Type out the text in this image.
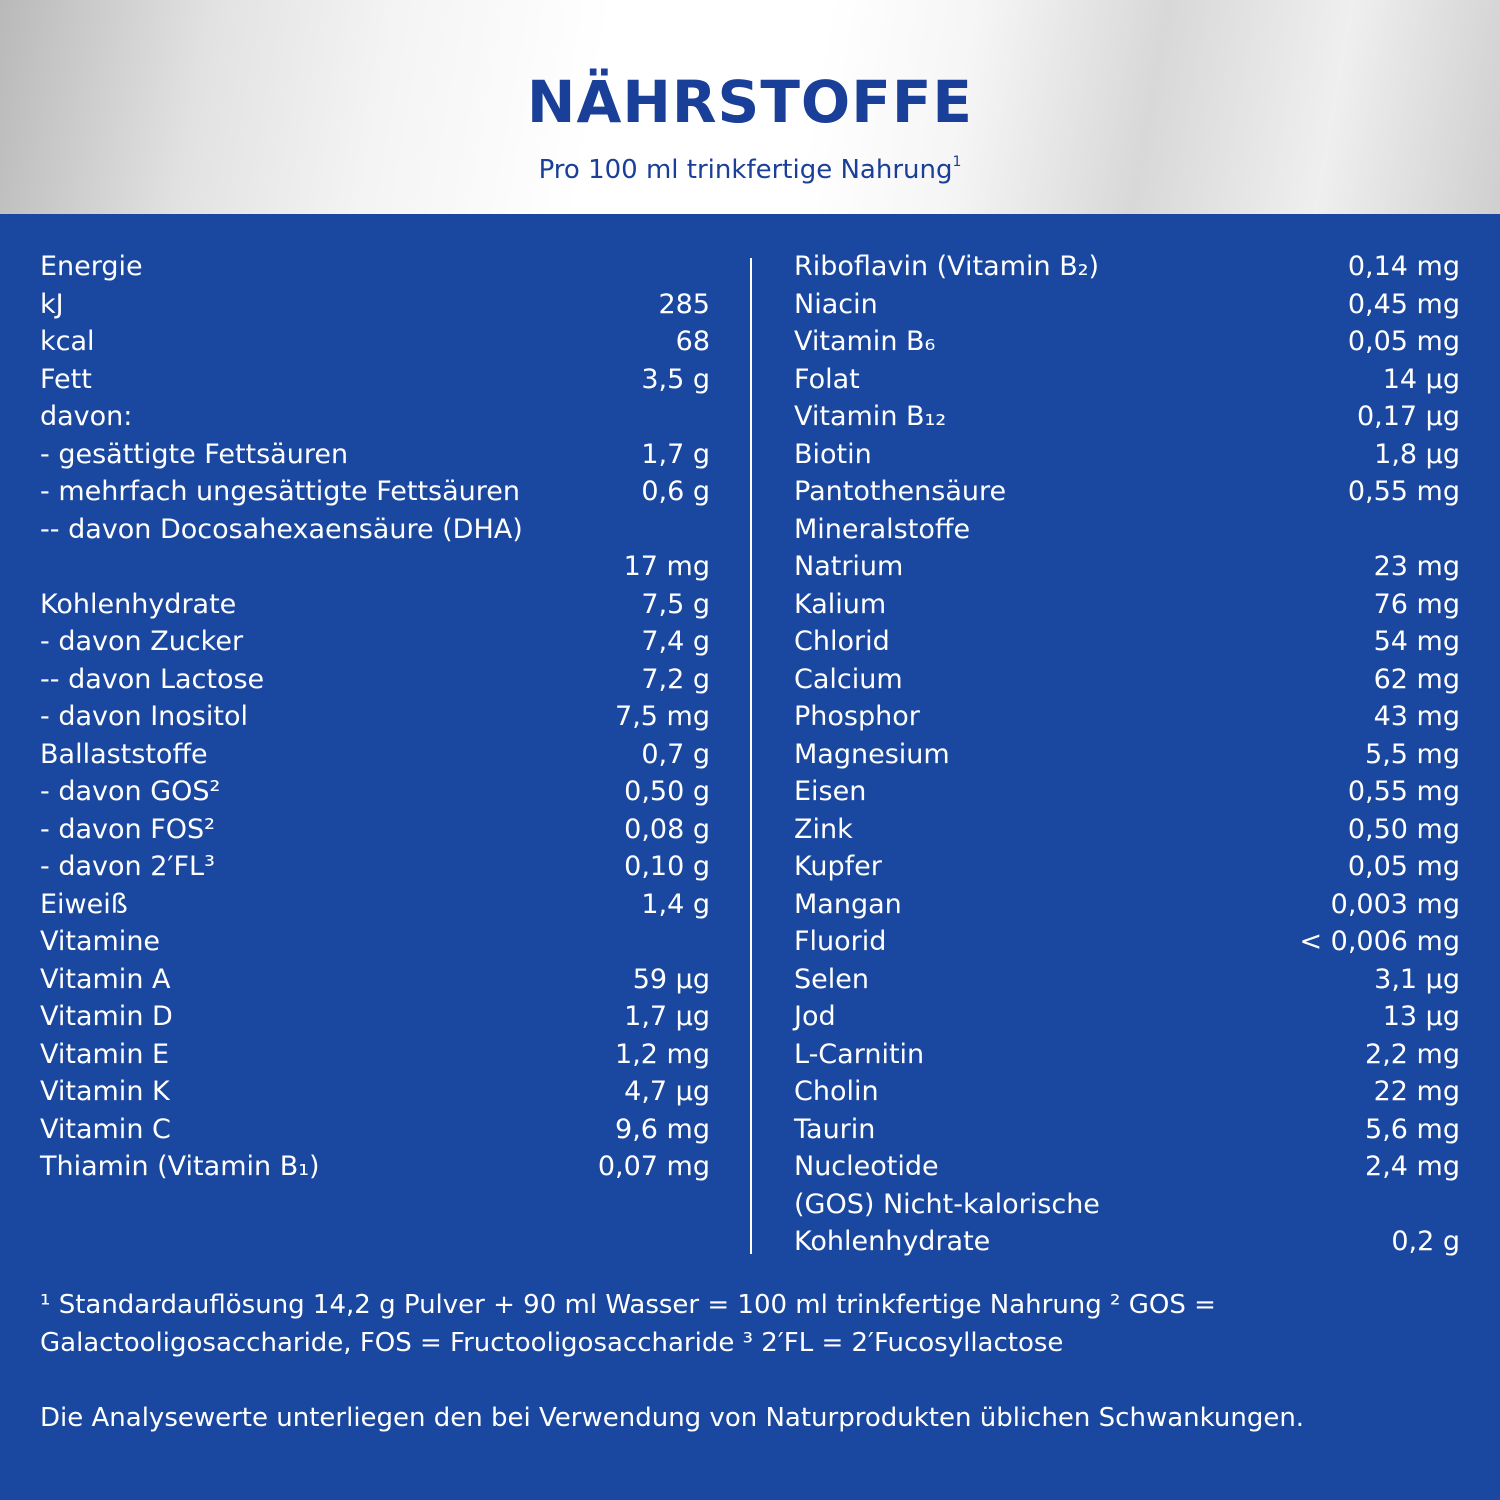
NÄHRSTOFFE
Pro 100 ml trinkfertige Nahrung$^1$
Energie
kJ	285
kcal	68
Fett	3,5 g
davon:
- gesättigte Fettsäuren	1,7 g
- mehrfach ungesättigte Fettsäuren	0,6 g
-- davon Docosahexaensäure (DHA)
17 mg
Kohlenhydrate	7,5 g
- davon Zucker	7,4 g
-- davon Lactose	7,2 g
- davon Inositol	7,5 mg
Ballaststoffe	0,7 g
- davon GOS²	0,50 g
- davon FOS²	0,08 g
- davon 2′FL³	0,10 g
Eiweiß	1,4 g
Vitamine
Vitamin A	59 µg
Vitamin D	1,7 µg
Vitamin E	1,2 mg
Vitamin K	4,7 µg
Vitamin C	9,6 mg
Thiamin (Vitamin B₁)	0,07 mg
Riboflavin (Vitamin B₂)	0,14 mg
Niacin	0,45 mg
Vitamin B₆	0,05 mg
Folat	14 µg
Vitamin B₁₂	0,17 µg
Biotin	1,8 µg
Pantothensäure	0,55 mg
Mineralstoffe
Natrium	23 mg
Kalium	76 mg
Chlorid	54 mg
Calcium	62 mg
Phosphor	43 mg
Magnesium	5,5 mg
Eisen	0,55 mg
Zink	0,50 mg
Kupfer	0,05 mg
Mangan	0,003 mg
Fluorid	< 0,006 mg
Selen	3,1 µg
Jod	13 µg
L-Carnitin	2,2 mg
Cholin	22 mg
Taurin	5,6 mg
Nucleotide	2,4 mg
(GOS) Nicht-kalorische
Kohlenhydrate	0,2 g
¹ Standardauflösung 14,2 g Pulver + 90 ml Wasser = 100 ml trinkfertige Nahrung ² GOS = Galactooligosaccharide, FOS = Fructooligosaccharide ³ 2′FL = 2′Fucosyllactose
Die Analysewerte unterliegen den bei Verwendung von Naturprodukten üblichen Schwankungen.
